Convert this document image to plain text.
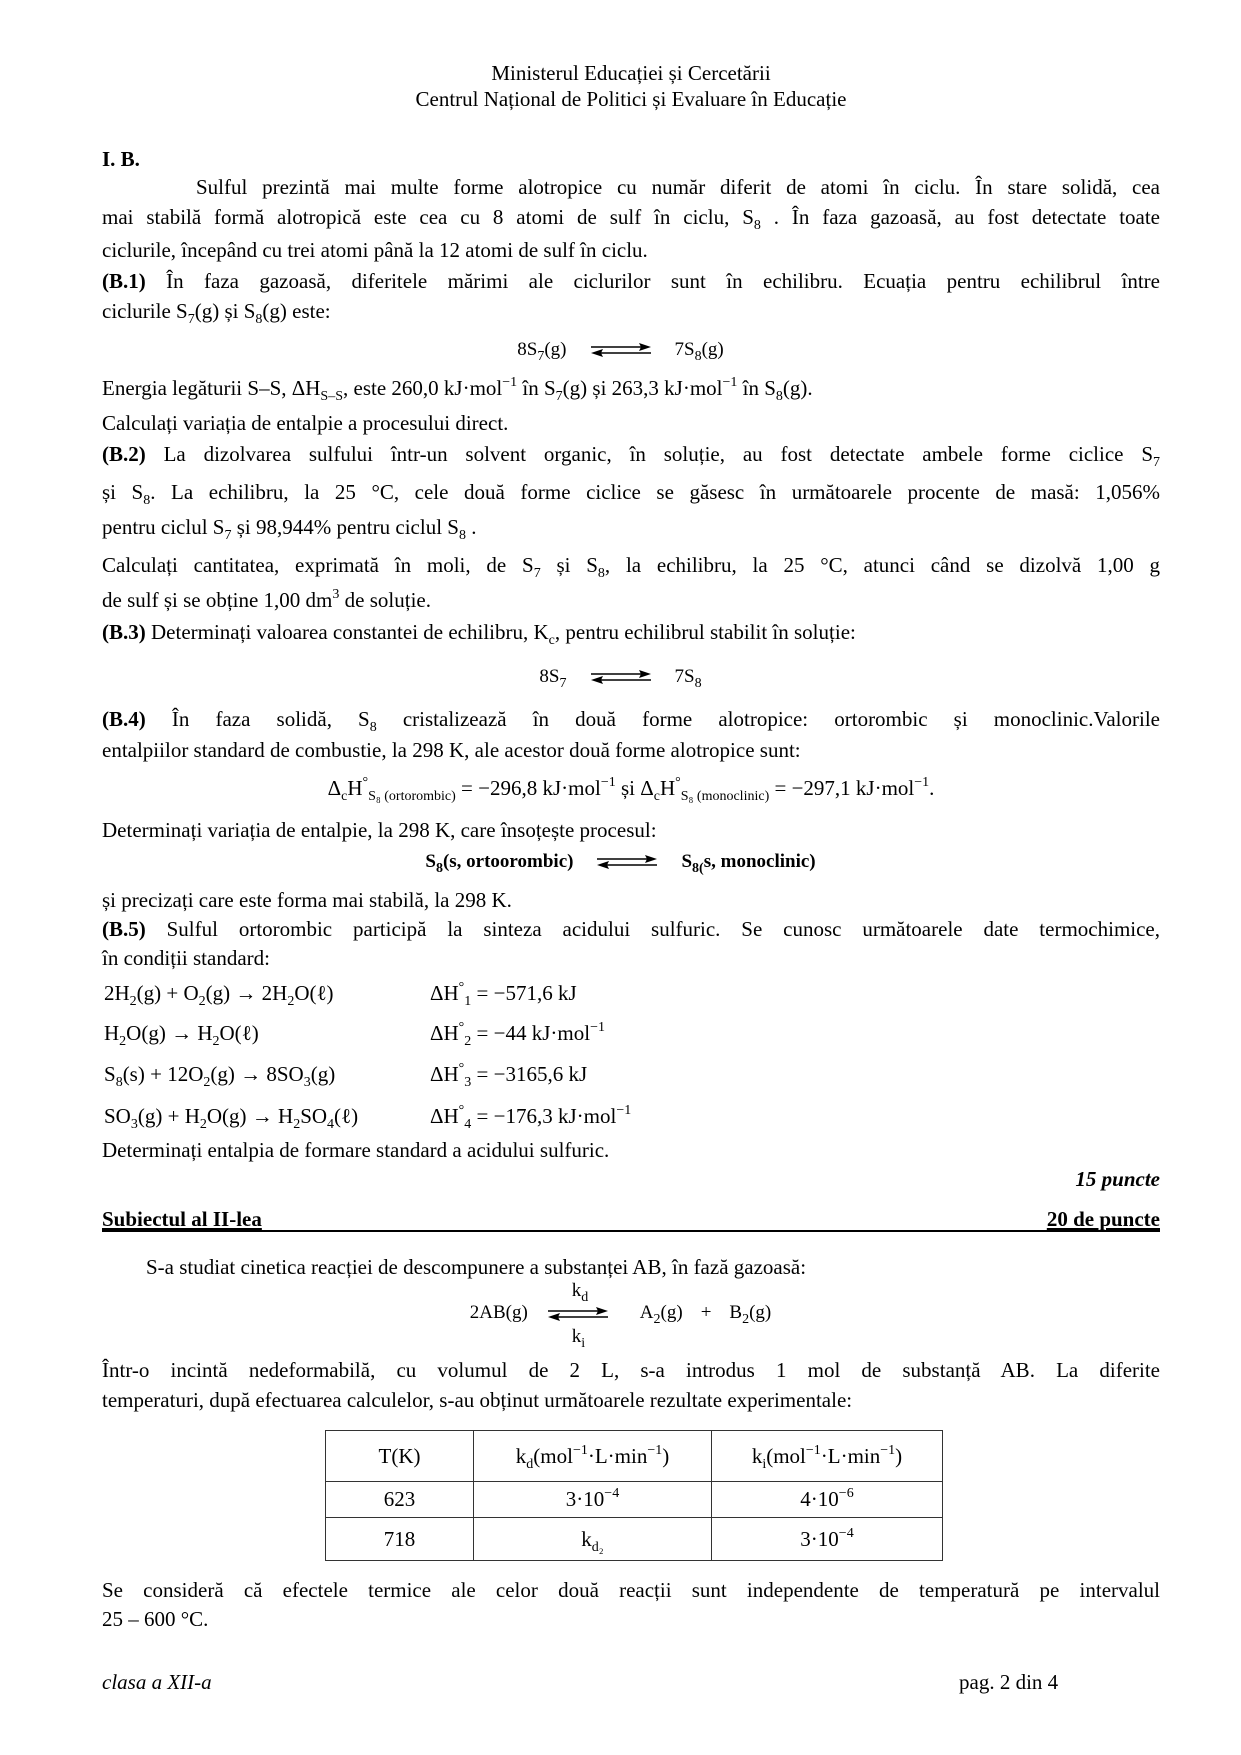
Ministerul Educației și Cercetării
Centrul Național de Politici și Evaluare în Educație
I. B.
Sulful prezintă mai multe forme alotropice cu număr diferit de atomi în ciclu. În stare solidă, cea
mai stabilă formă alotropică este cea cu 8 atomi de sulf în ciclu, $S_8$ . În faza gazoasă, au fost detectate toate
ciclurile, începând cu trei atomi până la 12 atomi de sulf în ciclu.
(B.1) În faza gazoasă, diferitele mărimi ale ciclurilor sunt în echilibru. Ecuația pentru echilibrul între
ciclurile $S_7(g)$ și $S_8(g)$ este:
$8S_7(g)$	$7S_8(g)$
Energia legăturii S–S, $\Delta H_{S-S}$, este 260,0 kJ·mol$^{-1}$ în $S_7(g)$ și 263,3 kJ·mol$^{-1}$ în $S_8(g)$.
Calculați variația de entalpie a procesului direct.
(B.2) La dizolvarea sulfului într-un solvent organic, în soluție, au fost detectate ambele forme ciclice $S_7$
și $S_8$. La echilibru, la 25 °C, cele două forme ciclice se găsesc în următoarele procente de masă: 1,056%
pentru ciclul $S_7$ și 98,944% pentru ciclul $S_8$ .
Calculați cantitatea, exprimată în moli, de $S_7$ și $S_8$, la echilibru, la 25 °C, atunci când se dizolvă 1,00 g
de sulf și se obține 1,00 $dm^3$ de soluție.
(B.3) Determinați valoarea constantei de echilibru, $K_c$, pentru echilibrul stabilit în soluție:
$8S_7$	$7S_8$
(B.4) În faza solidă, $S_8$ cristalizează în două forme alotropice: ortorombic și monoclinic.Valorile
entalpiilor standard de combustie, la 298 K, ale acestor două forme alotropice sunt:
$\Delta_cH^\circ_{S_8 (ortorombic)} = -296,8$ kJ·mol$^{-1}$ și $\Delta_cH^\circ_{S_8 (monoclinic)} = -297,1$ kJ·mol$^{-1}$.
Determinați variația de entalpie, la 298 K, care însoțește procesul:
$S_8(s$, ortoorombic)	$S_{8(}s$, monoclinic)
și precizați care este forma mai stabilă, la 298 K.
(B.5) Sulful ortorombic participă la sinteza acidului sulfuric. Se cunosc următoarele date termochimice,
în condiții standard:
$2H_2(g) + O_2(g)$ → $2H_2O(\ell)$	$\Delta H^\circ_1 = -571,6$ kJ
$H_2O(g)$ → $H_2O(\ell)$	$\Delta H^\circ_2 = -44$ kJ·mol$^{-1}$
$S_8(s) + 12O_2(g) \to 8SO_3(g)$	$\Delta H^\circ_3 = -3165,6$ kJ
$SO_3(g) + H_2O(g)$ → $H_2SO_4(\ell)$	$\Delta H^\circ_4 = -176,3$ kJ·mol$^{-1}$
Determinați entalpia de formare standard a acidului sulfuric.
15 puncte
Subiectul al II-lea	20 de puncte
S-a studiat cinetica reacției de descompunere a substanței AB, în fază gazoasă:
2AB(g)
$k_d$
$k_i$
$A_2(g) + B_2(g)$
Într-o incintă nedeformabilă, cu volumul de 2 L, s-a introdus 1 mol de substanță AB. La diferite
temperaturi, după efectuarea calculelor, s-au obținut următoarele rezultate experimentale:
T(K)	$k_d(mol^{-1}\cdot L\cdot\min^{-1})$	$k_i(mol^{-1}\cdot L\cdot\min^{-1})$
623	$3\cdot 10^{-4}$	$4\cdot 10^{-6}$
718	$k_{d_2}$	$3\cdot 10^{-4}$
Se consideră că efectele termice ale celor două reacții sunt independente de temperatură pe intervalul
25 – 600 °C.
clasa a XII-a	pag. 2 din 4
